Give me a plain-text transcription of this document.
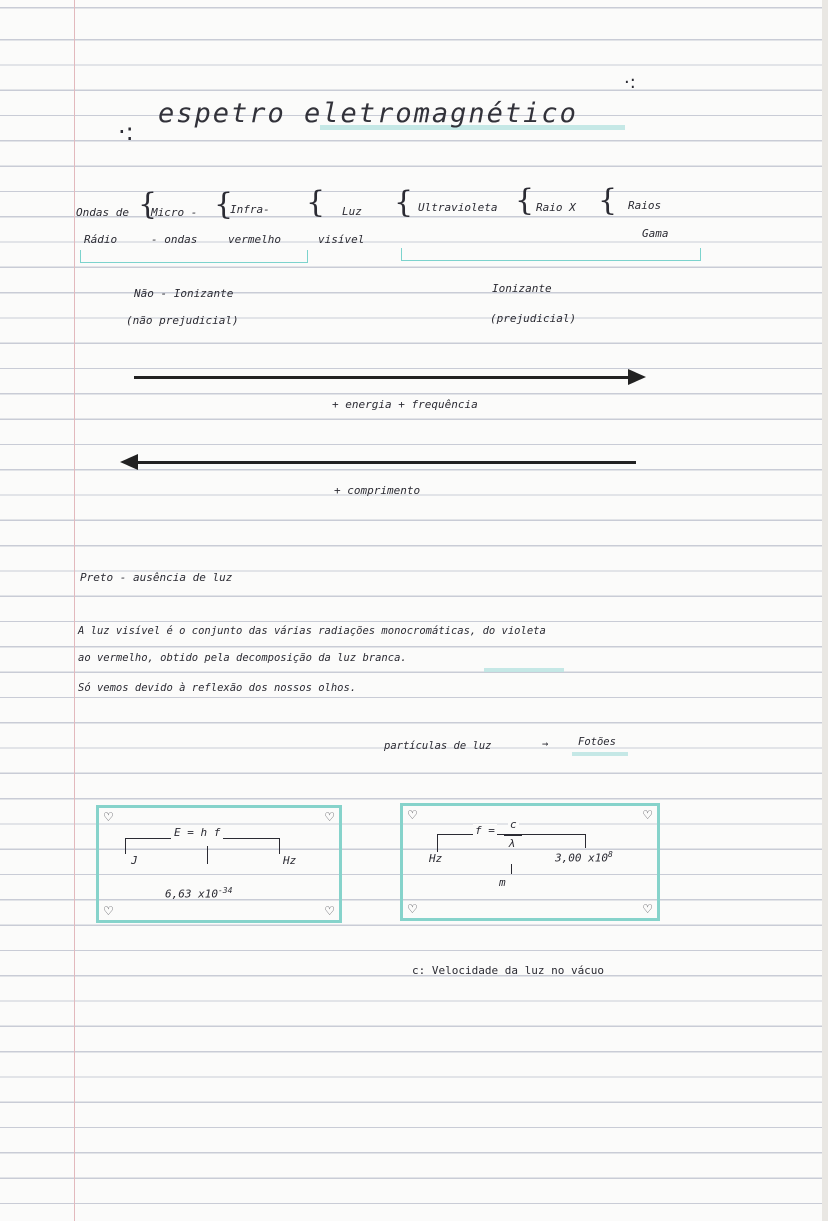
·:
espetro eletromagnético
·:
Ondas de
Rádio
{
Micro -
- ondas
{
Infra-
vermelho
{ Luz
visível
{ Ultravioleta { Raio X { Raios
Gama
Não - Ionizante
(não prejudicial)
Ionizante
(prejudicial)
+ energia + frequência
+ comprimento
Preto - ausência de luz
A luz visível é o conjunto das várias radiações monocromáticas, do violeta
ao vermelho, obtido pela decomposição da luz branca.
Só vemos devido à reflexão dos nossos olhos.
partículas de luz	→	Fotões
♡	♡
♡	♡
E = h f
J	Hz
6,63 $x10^{-34}$
♡	♡
♡	♡
f = c
λ
Hz
m
3,00 $x10^8$
c: Velocidade da luz no vácuo
